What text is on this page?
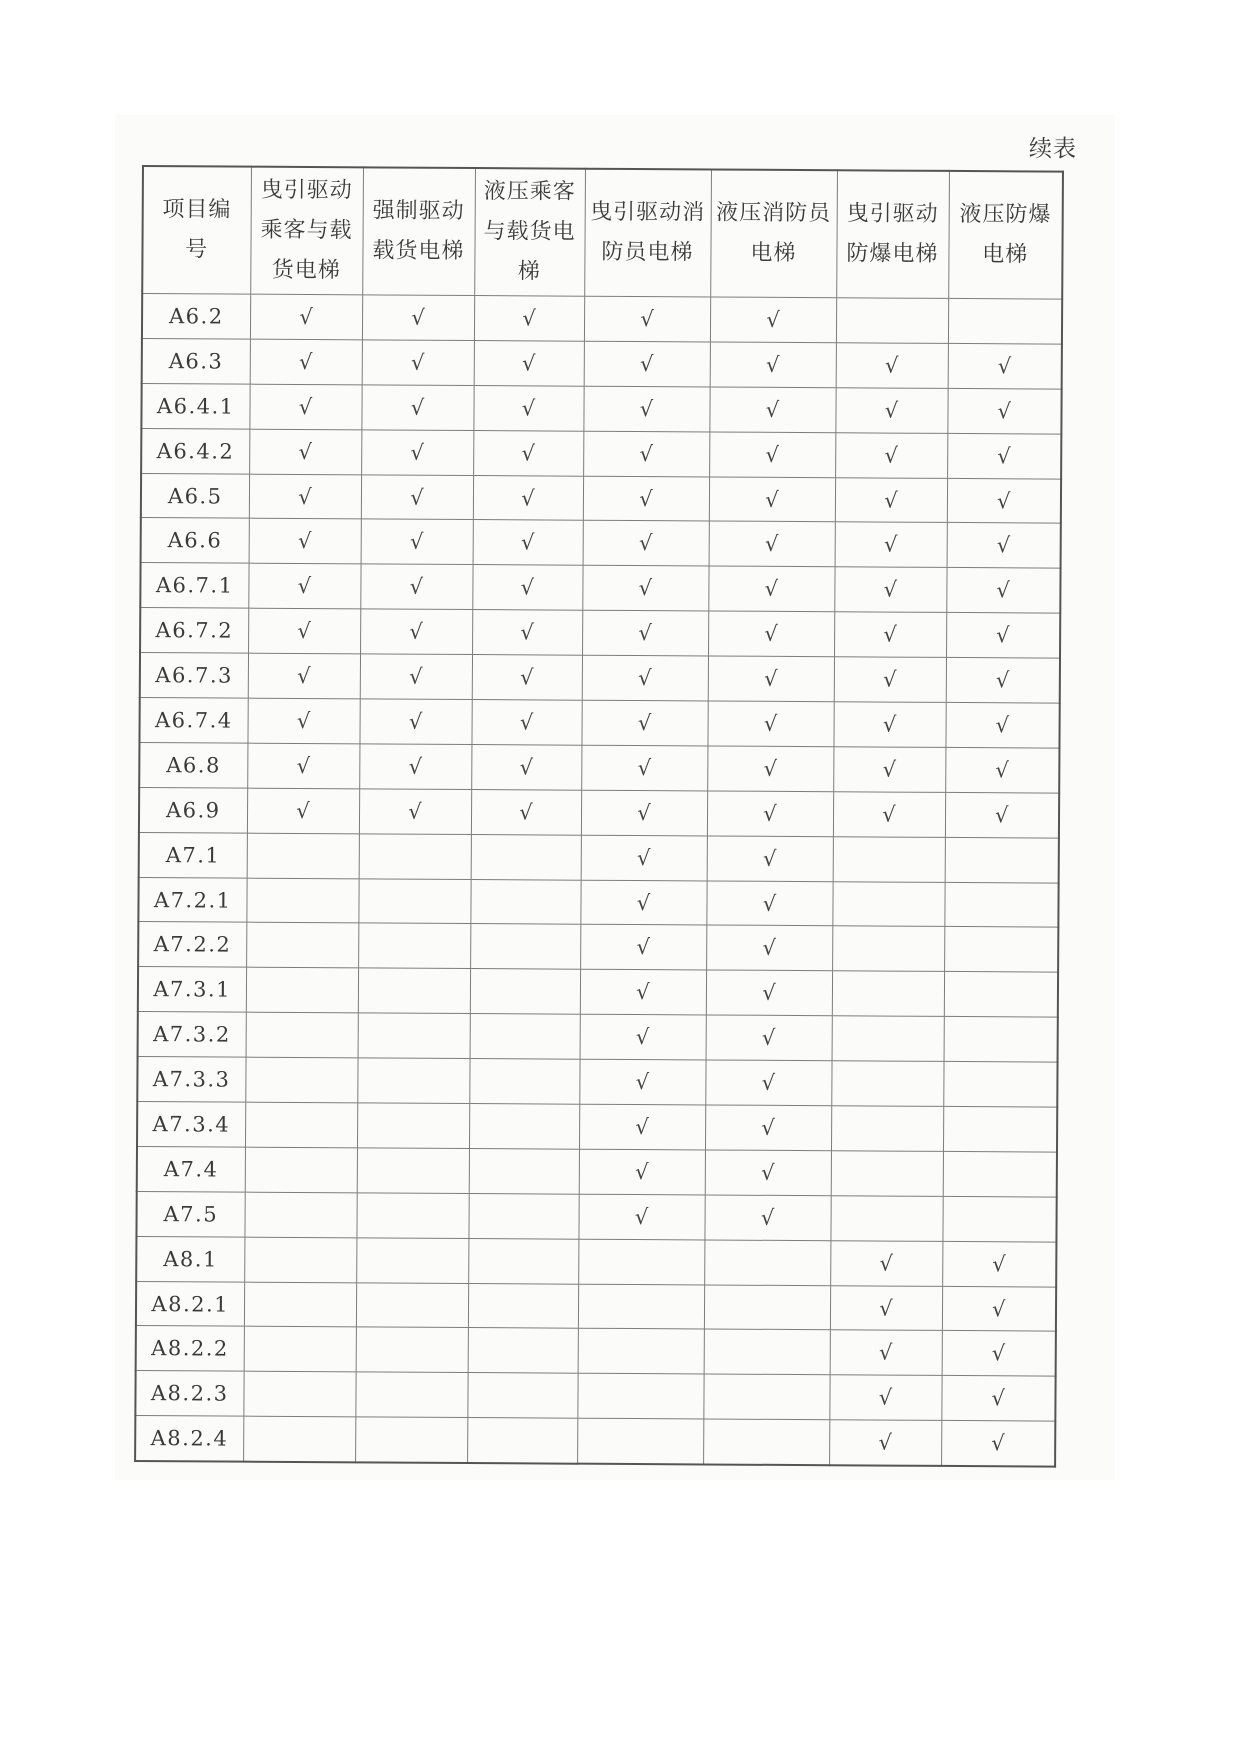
续表
项目编号	曳引驱动乘客与载货电梯	强制驱动载货电梯	液压乘客与载货电梯	曳引驱动消防员电梯	液压消防员电梯	曳引驱动防爆电梯	液压防爆电梯

A6.2	√	√	√	√	√		
A6.3	√	√	√	√	√	√	√
A6.4.1	√	√	√	√	√	√	√
A6.4.2	√	√	√	√	√	√	√
A6.5	√	√	√	√	√	√	√
A6.6	√	√	√	√	√	√	√
A6.7.1	√	√	√	√	√	√	√
A6.7.2	√	√	√	√	√	√	√
A6.7.3	√	√	√	√	√	√	√
A6.7.4	√	√	√	√	√	√	√
A6.8	√	√	√	√	√	√	√
A6.9	√	√	√	√	√	√	√
A7.1				√	√		
A7.2.1				√	√		
A7.2.2				√	√		
A7.3.1				√	√		
A7.3.2				√	√		
A7.3.3				√	√		
A7.3.4				√	√		
A7.4				√	√		
A7.5				√	√		
A8.1						√	√
A8.2.1						√	√
A8.2.2						√	√
A8.2.3						√	√
A8.2.4						√	√
